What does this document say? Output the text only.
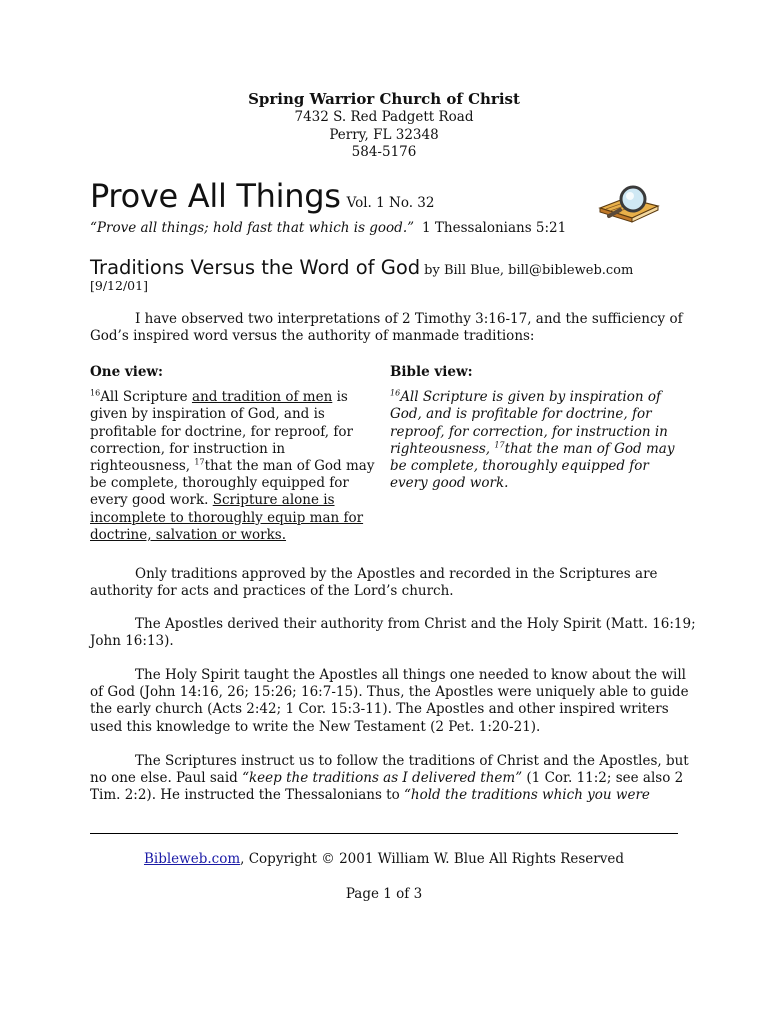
Spring Warrior Church of Christ
7432 S. Red Padgett Road
Perry, FL 32348
584-5176
Prove All Things Vol. 1 No. 32
“Prove all things; hold fast that which is good.” 1 Thessalonians 5:21
Traditions Versus the Word of God by Bill Blue, bill@bibleweb.com
[9/12/01]
I have observed two interpretations of 2 Timothy 3:16-17, and the sufficiency of
God’s inspired word versus the authority of manmade traditions:
One view:
$^{16}$All Scripture and tradition of men is
given by inspiration of God, and is
profitable for doctrine, for reproof, for
correction, for instruction in
righteousness, $^{17}$that the man of God may
be complete, thoroughly equipped for
every good work. Scripture alone is
incomplete to thoroughly equip man for
doctrine, salvation or works.
Bible view:
$^{16}$All Scripture is given by inspiration of
God, and is profitable for doctrine, for
reproof, for correction, for instruction in
righteousness, $^{17}$that the man of God may
be complete, thoroughly equipped for
every good work.
Only traditions approved by the Apostles and recorded in the Scriptures are
authority for acts and practices of the Lord’s church.
The Apostles derived their authority from Christ and the Holy Spirit (Matt. 16:19;
John 16:13).
The Holy Spirit taught the Apostles all things one needed to know about the will
of God (John 14:16, 26; 15:26; 16:7-15). Thus, the Apostles were uniquely able to guide
the early church (Acts 2:42; 1 Cor. 15:3-11). The Apostles and other inspired writers
used this knowledge to write the New Testament (2 Pet. 1:20-21).
The Scriptures instruct us to follow the traditions of Christ and the Apostles, but
no one else. Paul said “keep the traditions as I delivered them” (1 Cor. 11:2; see also 2
Tim. 2:2). He instructed the Thessalonians to “hold the traditions which you were
Bibleweb.com, Copyright © 2001 William W. Blue All Rights Reserved
Page 1 of 3
